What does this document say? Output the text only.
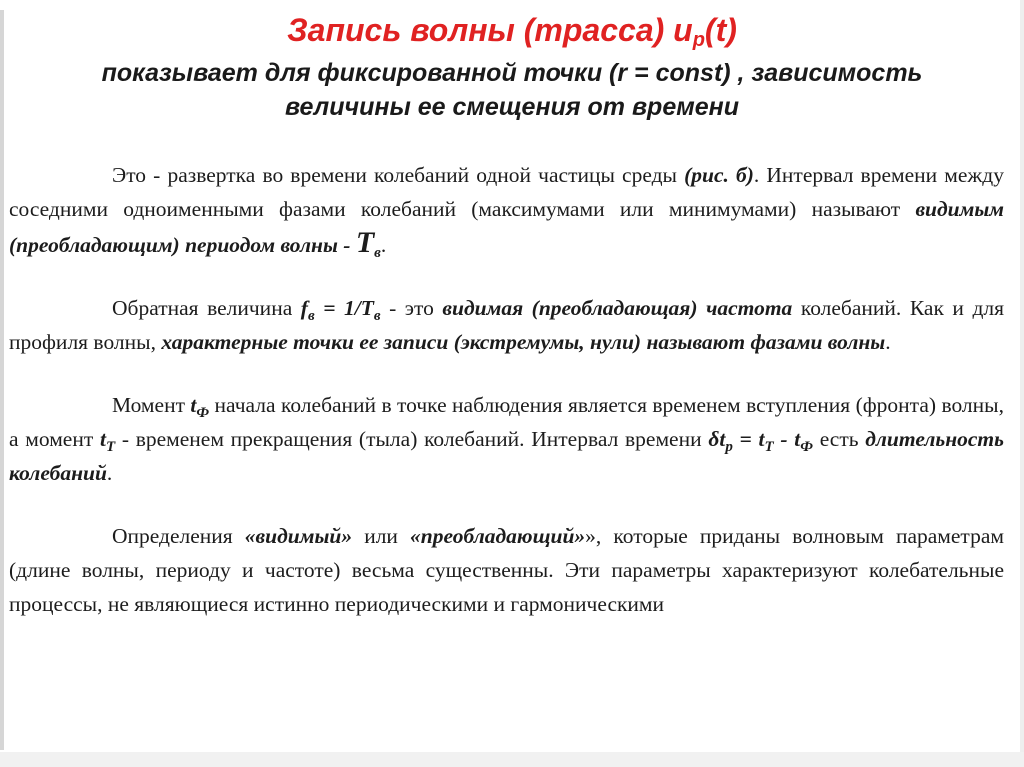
Запись волны (трасса) $u_p(t)$
показывает для фиксированной точки (r = const) , зависимость
величины ее смещения от времени

Это - развертка во времени колебаний одной частицы среды (рис. б). Интервал времени между соседними одноименными фазами колебаний (максимумами или минимумами) называют видимым (преобладающим) периодом волны - $T_в$.

Обратная величина $f_в = 1/T_в$ - это видимая (преобладающая) частота колебаний. Как и для профиля волны, характерные точки ее записи (экстремумы, нули) называют фазами волны.

Момент $t_Ф$ начала колебаний в точке наблюдения является временем вступления (фронта) волны, а момент $t_T$ - временем прекращения (тыла) колебаний. Интервал времени $\delta t_p = t_T - t_Ф$ есть длительность колебаний.

Определения «видимый» или «преобладающий»», которые приданы волновым параметрам (длине волны, периоду и частоте) весьма существенны. Эти параметры характеризуют колебательные процессы, не являющиеся истинно периодическими и гармоническими
